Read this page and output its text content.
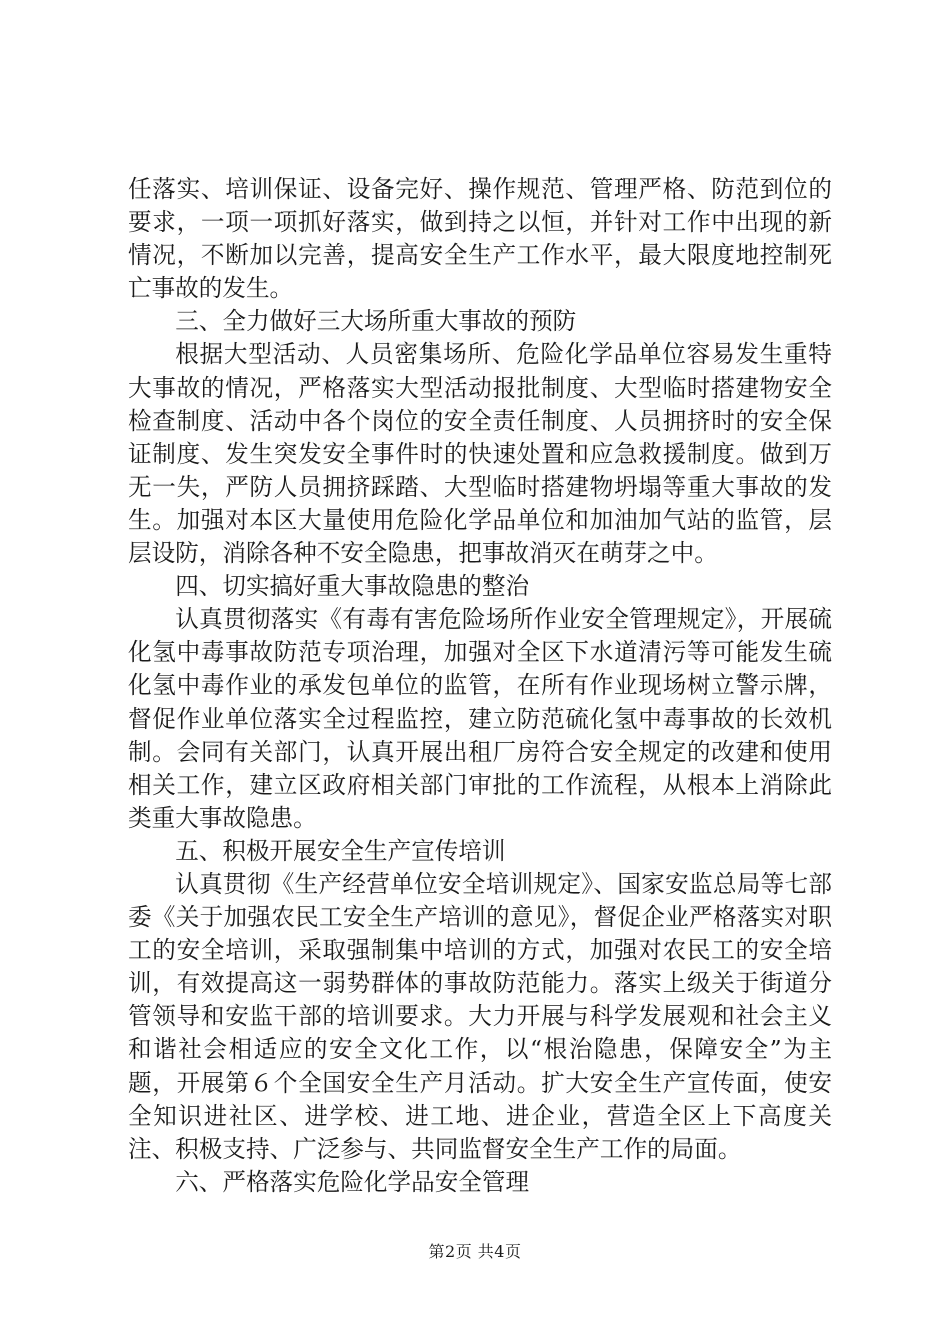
任落实、培训保证、设备完好、操作规范、管理严格、防范到位的要求，一项一项抓好落实，做到持之以恒，并针对工作中出现的新情况，不断加以完善，提高安全生产工作水平，最大限度地控制死亡事故的发生。

三、全力做好三大场所重大事故的预防

根据大型活动、人员密集场所、危险化学品单位容易发生重特大事故的情况，严格落实大型活动报批制度、大型临时搭建物安全检查制度、活动中各个岗位的安全责任制度、人员拥挤时的安全保证制度、发生突发安全事件时的快速处置和应急救援制度。做到万无一失，严防人员拥挤踩踏、大型临时搭建物坍塌等重大事故的发生。加强对本区大量使用危险化学品单位和加油加气站的监管，层层设防，消除各种不安全隐患，把事故消灭在萌芽之中。

四、切实搞好重大事故隐患的整治

认真贯彻落实《有毒有害危险场所作业安全管理规定》，开展硫化氢中毒事故防范专项治理，加强对全区下水道清污等可能发生硫化氢中毒作业的承发包单位的监管，在所有作业现场树立警示牌，督促作业单位落实全过程监控，建立防范硫化氢中毒事故的长效机制。会同有关部门，认真开展出租厂房符合安全规定的改建和使用相关工作，建立区政府相关部门审批的工作流程，从根本上消除此类重大事故隐患。

五、积极开展安全生产宣传培训

认真贯彻《生产经营单位安全培训规定》、国家安监总局等七部委《关于加强农民工安全生产培训的意见》，督促企业严格落实对职工的安全培训，采取强制集中培训的方式，加强对农民工的安全培训，有效提高这一弱势群体的事故防范能力。落实上级关于街道分管领导和安监干部的培训要求。大力开展与科学发展观和社会主义和谐社会相适应的安全文化工作，以“根治隐患，保障安全”为主题，开展第６个全国安全生产月活动。扩大安全生产宣传面，使安全知识进社区、进学校、进工地、进企业，营造全区上下高度关注、积极支持、广泛参与、共同监督安全生产工作的局面。

六、严格落实危险化学品安全管理

第2页 共4页
